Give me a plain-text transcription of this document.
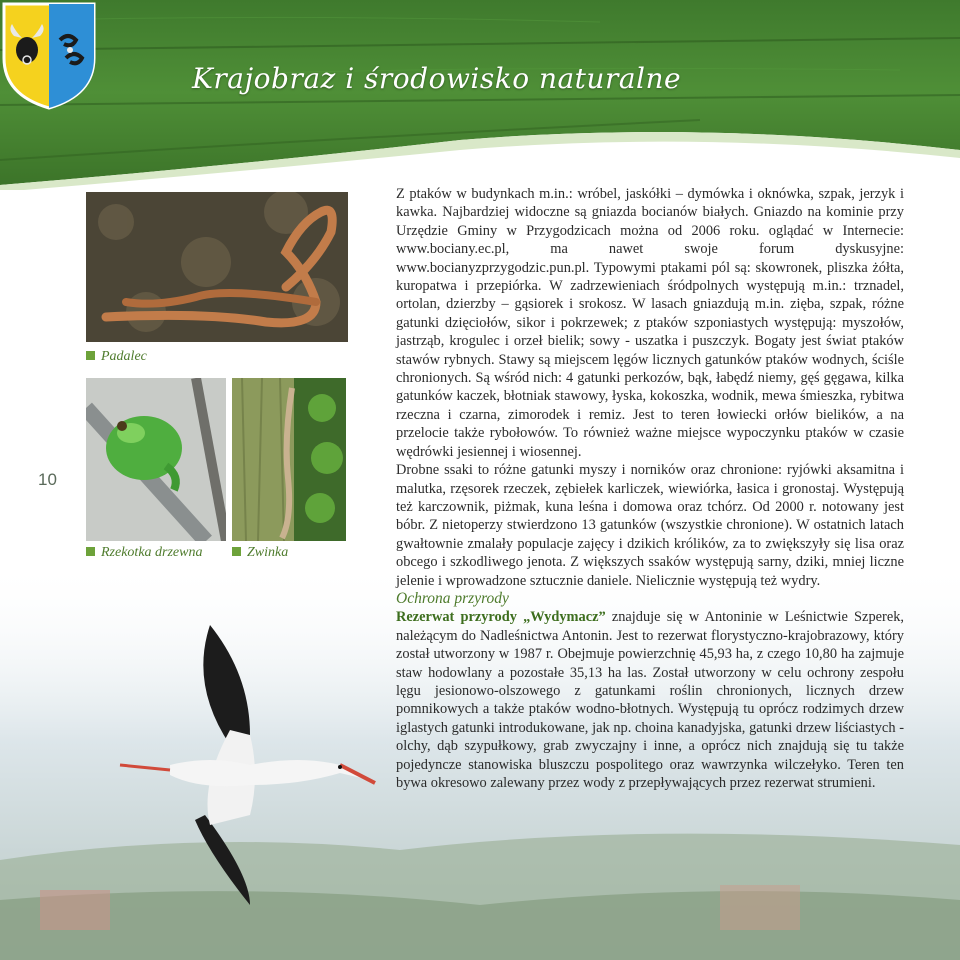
Krajobraz i środowisko naturalne
10
Padalec
Rzekotka drzewna	Zwinka

Z ptaków w budynkach m.in.: wróbel, jaskółki – dymówka i oknówka, szpak, jerzyk i kawka. Najbardziej widoczne są gniazda bocianów białych. Gniazdo na kominie przy Urzędzie Gminy w Przygodzicach można od 2006 roku. oglądać w Internecie: www.bociany.ec.pl, ma nawet swoje forum dyskusyjne: www.bocianyzprzygodzic.pun.pl. Typowymi ptakami pól są: skowronek, pliszka żółta, kuropatwa i przepiórka. W zadrzewieniach śródpolnych występują m.in.: trznadel, ortolan, dzierzby – gąsiorek i srokosz. W lasach gniazdują m.in. zięba, szpak, różne gatunki dzięciołów, sikor i pokrzewek; z ptaków szponiastych występują: myszołów, jastrząb, krogulec i orzeł bielik; sowy - uszatka i puszczyk. Bogaty jest świat ptaków stawów rybnych. Stawy są miejscem lęgów licznych gatunków ptaków wodnych, ściśle chronionych. Są wśród nich: 4 gatunki perkozów, bąk, łabędź niemy, gęś gęgawa, kilka gatunków kaczek, błotniak stawowy, łyska, kokoszka, wodnik, mewa śmieszka, rybitwa rzeczna i czarna, zimorodek i remiz. Jest to teren łowiecki orłów bielików, a na przelocie także rybołowów. To również ważne miejsce wypoczynku ptaków w czasie wędrówki jesiennej i wiosennej.

Drobne ssaki to różne gatunki myszy i norników oraz chronione: ryjówki aksamitna i malutka, rzęsorek rzeczek, zębiełek karliczek, wiewiórka, łasica i gronostaj. Występują też karczownik, piżmak, kuna leśna i domowa oraz tchórz. Od 2000 r. notowany jest bóbr. Z nietoperzy stwierdzono 13 gatunków (wszystkie chronione). W ostatnich latach gwałtownie zmalały populacje zajęcy i dzikich królików, za to zwiększyły się lisa oraz obcego i szkodliwego jenota. Z większych ssaków występują sarny, dziki, mniej liczne jelenie i wprowadzone sztucznie daniele. Nielicznie występują też wydry.

Ochrona przyrody

Rezerwat przyrody „Wydymacz” znajduje się w Antoninie w Leśnictwie Szperek, należącym do Nadleśnictwa Antonin. Jest to rezerwat florystyczno-krajobrazowy, który został utworzony w 1987 r. Obejmuje powierzchnię 45,93 ha, z czego 10,80 ha zajmuje staw hodowlany a pozostałe 35,13 ha las. Został utworzony w celu ochrony zespołu lęgu jesionowo-olszowego z gatunkami roślin chronionych, licznych drzew pomnikowych a także ptaków wodno-błotnych. Występują tu oprócz rodzimych drzew iglastych gatunki introdukowane, jak np. choina kanadyjska, gatunki drzew liściastych - olchy, dąb szypułkowy, grab zwyczajny i inne, a oprócz nich znajdują się tu także pojedyncze stanowiska bluszczu pospolitego oraz wawrzynka wilczełyko. Teren ten bywa okresowo zalewany przez wody z przepływających przez rezerwat strumieni.
